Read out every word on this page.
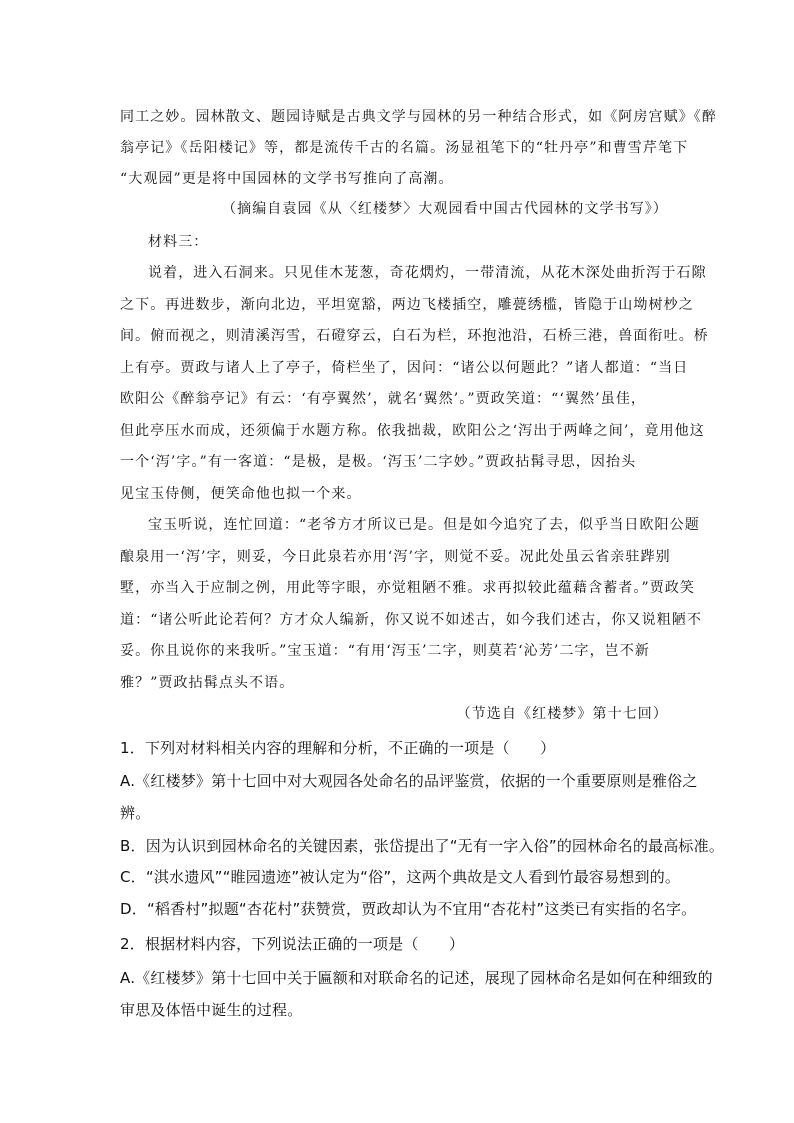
同工之妙。园林散文、题园诗赋是古典文学与园林的另一种结合形式，如《阿房宫赋》《醉
翁亭记》《岳阳楼记》等，都是流传千古的名篇。汤显祖笔下的“牡丹亭”和曹雪芹笔下
“大观园”更是将中国园林的文学书写推向了高潮。
（摘编自袁园《从〈红楼梦〉大观园看中国古代园林的文学书写》）
材料三：
说着，进入石洞来。只见佳木茏葱，奇花熌灼，一带清流，从花木深处曲折泻于石隙
之下。再进数步，渐向北边，平坦宽豁，两边飞楼插空，雕甍绣槛，皆隐于山坳树杪之
间。俯而视之，则清溪泻雪，石磴穿云，白石为栏，环抱池沿，石桥三港，兽面衔吐。桥
上有亭。贾政与诸人上了亭子，倚栏坐了，因问：“诸公以何题此？”诸人都道：“当日
欧阳公《醉翁亭记》有云：‘有亭翼然’，就名‘翼然’。”贾政笑道：“‘翼然’虽佳，
但此亭压水而成，还须偏于水题方称。依我拙裁，欧阳公之‘泻出于两峰之间’，竟用他这
一个‘泻’字。”有一客道：“是极，是极。‘泻玉’二字妙。”贾政拈髯寻思，因抬头
见宝玉侍侧，便笑命他也拟一个来。
宝玉听说，连忙回道：“老爷方才所议已是。但是如今追究了去，似乎当日欧阳公题
酿泉用一‘泻’字，则妥，今日此泉若亦用‘泻’字，则觉不妥。况此处虽云省亲驻跸别
墅，亦当入于应制之例，用此等字眼，亦觉粗陋不雅。求再拟较此蕴藉含蓄者。”贾政笑
道：“诸公听此论若何？方才众人编新，你又说不如述古，如今我们述古，你又说粗陋不
妥。你且说你的来我听。”宝玉道：“有用‘泻玉’二字，则莫若‘沁芳’二字，岂不新
雅？”贾政拈髯点头不语。
（节选自《红楼梦》第十七回）
1．下列对材料相关内容的理解和分析，不正确的一项是（　　）
A.《红楼梦》第十七回中对大观园各处命名的品评鉴赏，依据的一个重要原则是雅俗之
辨。
B．因为认识到园林命名的关键因素，张岱提出了“无有一字入俗”的园林命名的最高标准。
C．“淇水遗风”“睢园遗迹”被认定为“俗”，这两个典故是文人看到竹最容易想到的。
D．“稻香村”拟题“杏花村”获赞赏，贾政却认为不宜用“杏花村”这类已有实指的名字。
2．根据材料内容，下列说法正确的一项是（　　）
A.《红楼梦》第十七回中关于匾额和对联命名的记述，展现了园林命名是如何在种细致的
审思及体悟中诞生的过程。
